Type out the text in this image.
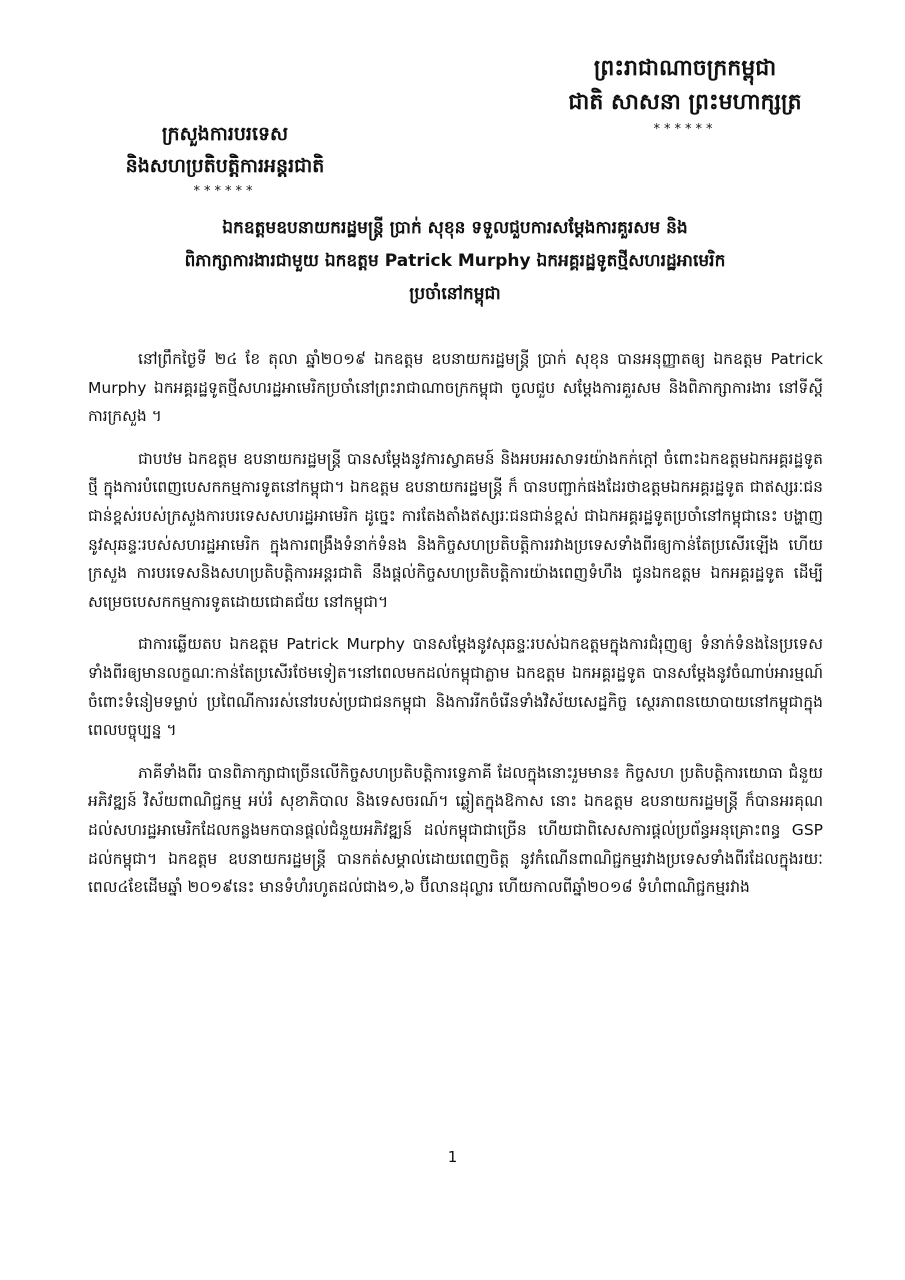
ព្រះរាជាណាចក្រកម្ពុជា
ជាតិ សាសនា ព្រះមហាក្សត្រ
******
ក្រសួងការបរទេស
និងសហប្រតិបត្តិការអន្តរជាតិ
******
ឯកឧត្តមឧបនាយករដ្ឋមន្ត្រី ប្រាក់ សុខុន ទទួលជួបការសម្តែងការគួរសម និង
ពិភាក្សាការងារជាមួយ ឯកឧត្តម Patrick Murphy ឯកអគ្គរដ្ឋទូតថ្មីសហរដ្ឋអាមេរិក
ប្រចាំនៅកម្ពុជា

នៅព្រឹកថ្ងៃទី ២៤ ខែ តុលា ឆ្នាំ២០១៩ ឯកឧត្តម ឧបនាយករដ្ឋមន្ត្រី ប្រាក់ សុខុន បានអនុញ្ញាតឲ្យ ឯកឧត្តម Patrick Murphy ឯកអគ្គរដ្ឋទូតថ្មីសហរដ្ឋអាមេរិកប្រចាំនៅព្រះរាជាណាចក្រកម្ពុជា ចូលជួប សម្តែងការគួរសម និងពិភាក្សាការងារ នៅទីស្តីការក្រសួង ។

ជាបឋម ឯកឧត្តម ឧបនាយករដ្ឋមន្ត្រី បានសម្តែងនូវការស្វាគមន៍ និងអបអរសាទរយ៉ាងកក់ក្តៅ ចំពោះឯកឧត្តមឯកអគ្គរដ្ឋទូតថ្មី ក្នុងការបំពេញបេសកកម្មការទូតនៅកម្ពុជា។ ឯកឧត្តម ឧបនាយករដ្ឋមន្ត្រី ក៏ បានបញ្ជាក់ផងដែរថាឧត្តមឯកអគ្គរដ្ឋទូត ជាឥស្សរៈជនជាន់ខ្ពស់របស់ក្រសួងការបរទេសសហរដ្ឋអាមេរិក ដូច្នេះ ការតែងតាំងឥស្សរៈជនជាន់ខ្ពស់ ជាឯកអគ្គរដ្ឋទូតប្រចាំនៅកម្ពុជានេះ បង្ហាញនូវសុឆន្ទៈរបស់សហរដ្ឋអាមេរិក ក្នុងការពង្រឹងទំនាក់ទំនង និងកិច្ចសហប្រតិបត្តិការរវាងប្រទេសទាំងពីរឲ្យកាន់តែប្រសើរឡើង ហើយក្រសួង ការបរទេសនិងសហប្រតិបត្តិការអន្តរជាតិ នឹងផ្តល់កិច្ចសហប្រតិបត្តិការយ៉ាងពេញទំហឹង ជូនឯកឧត្តម ឯកអគ្គរដ្ឋទូត ដើម្បីសម្រេចបេសកកម្មការទូតដោយជោគជ័យ នៅកម្ពុជា។

ជាការឆ្លើយតប ឯកឧត្តម Patrick Murphy បានសម្តែងនូវសុឆន្ទៈរបស់ឯកឧត្តមក្នុងការជំរុញឲ្យ ទំនាក់ទំនងនៃប្រទេសទាំងពីរឲ្យមានលក្ខណៈកាន់តែប្រសើរថែមទៀត។នៅពេលមកដល់កម្ពុជាភ្លាម ឯកឧត្តម ឯកអគ្គរដ្ឋទូត បានសម្តែងនូវចំណាប់អារម្មណ៍ចំពោះទំនៀមទម្លាប់ ប្រពៃណីការរស់នៅរបស់ប្រជាជនកម្ពុជា និងការរីកចំរើនទាំងវិស័យសេដ្ឋកិច្ច ស្ថេរភាពនយោបាយនៅកម្ពុជាក្នុងពេលបច្ចុប្បន្ន ។

ភាគីទាំងពីរ បានពិភាក្សាជាច្រើនលើកិច្ចសហប្រតិបត្តិការទ្វេភាគី ដែលក្នុងនោះរួមមាន៖ កិច្ចសហ ប្រតិបត្តិការយោធា ជំនួយអភិវឌ្ឍន៍ វិស័យពាណិជ្ជកម្ម អប់រំ សុខាភិបាល និងទេសចរណ៍។ ឆ្លៀតក្នុងឱកាស នោះ ឯកឧត្តម ឧបនាយករដ្ឋមន្ត្រី ក៏បានអរគុណដល់សហរដ្ឋអាមេរិកដែលកន្លងមកបានផ្តល់ជំនួយអភិវឌ្ឍន៍ ដល់កម្ពុជាជាច្រើន ហើយជាពិសេសការផ្តល់ប្រព័ន្ធអនុគ្រោះពន្ធ GSP ដល់កម្ពុជា។ ឯកឧត្តម ឧបនាយករដ្ឋមន្ត្រី បានកត់សម្គាល់ដោយពេញចិត្ត នូវកំណើនពាណិជ្ជកម្មរវាងប្រទេសទាំងពីរដែលក្នុងរយៈពេល៤ខែដើមឆ្នាំ ២០១៩នេះ មានទំហំរហូតដល់ជាង១,៦ ប៊ីលានដុល្លារ ហើយកាលពីឆ្នាំ២០១៨ ទំហំពាណិជ្ជកម្មរវាង

1
